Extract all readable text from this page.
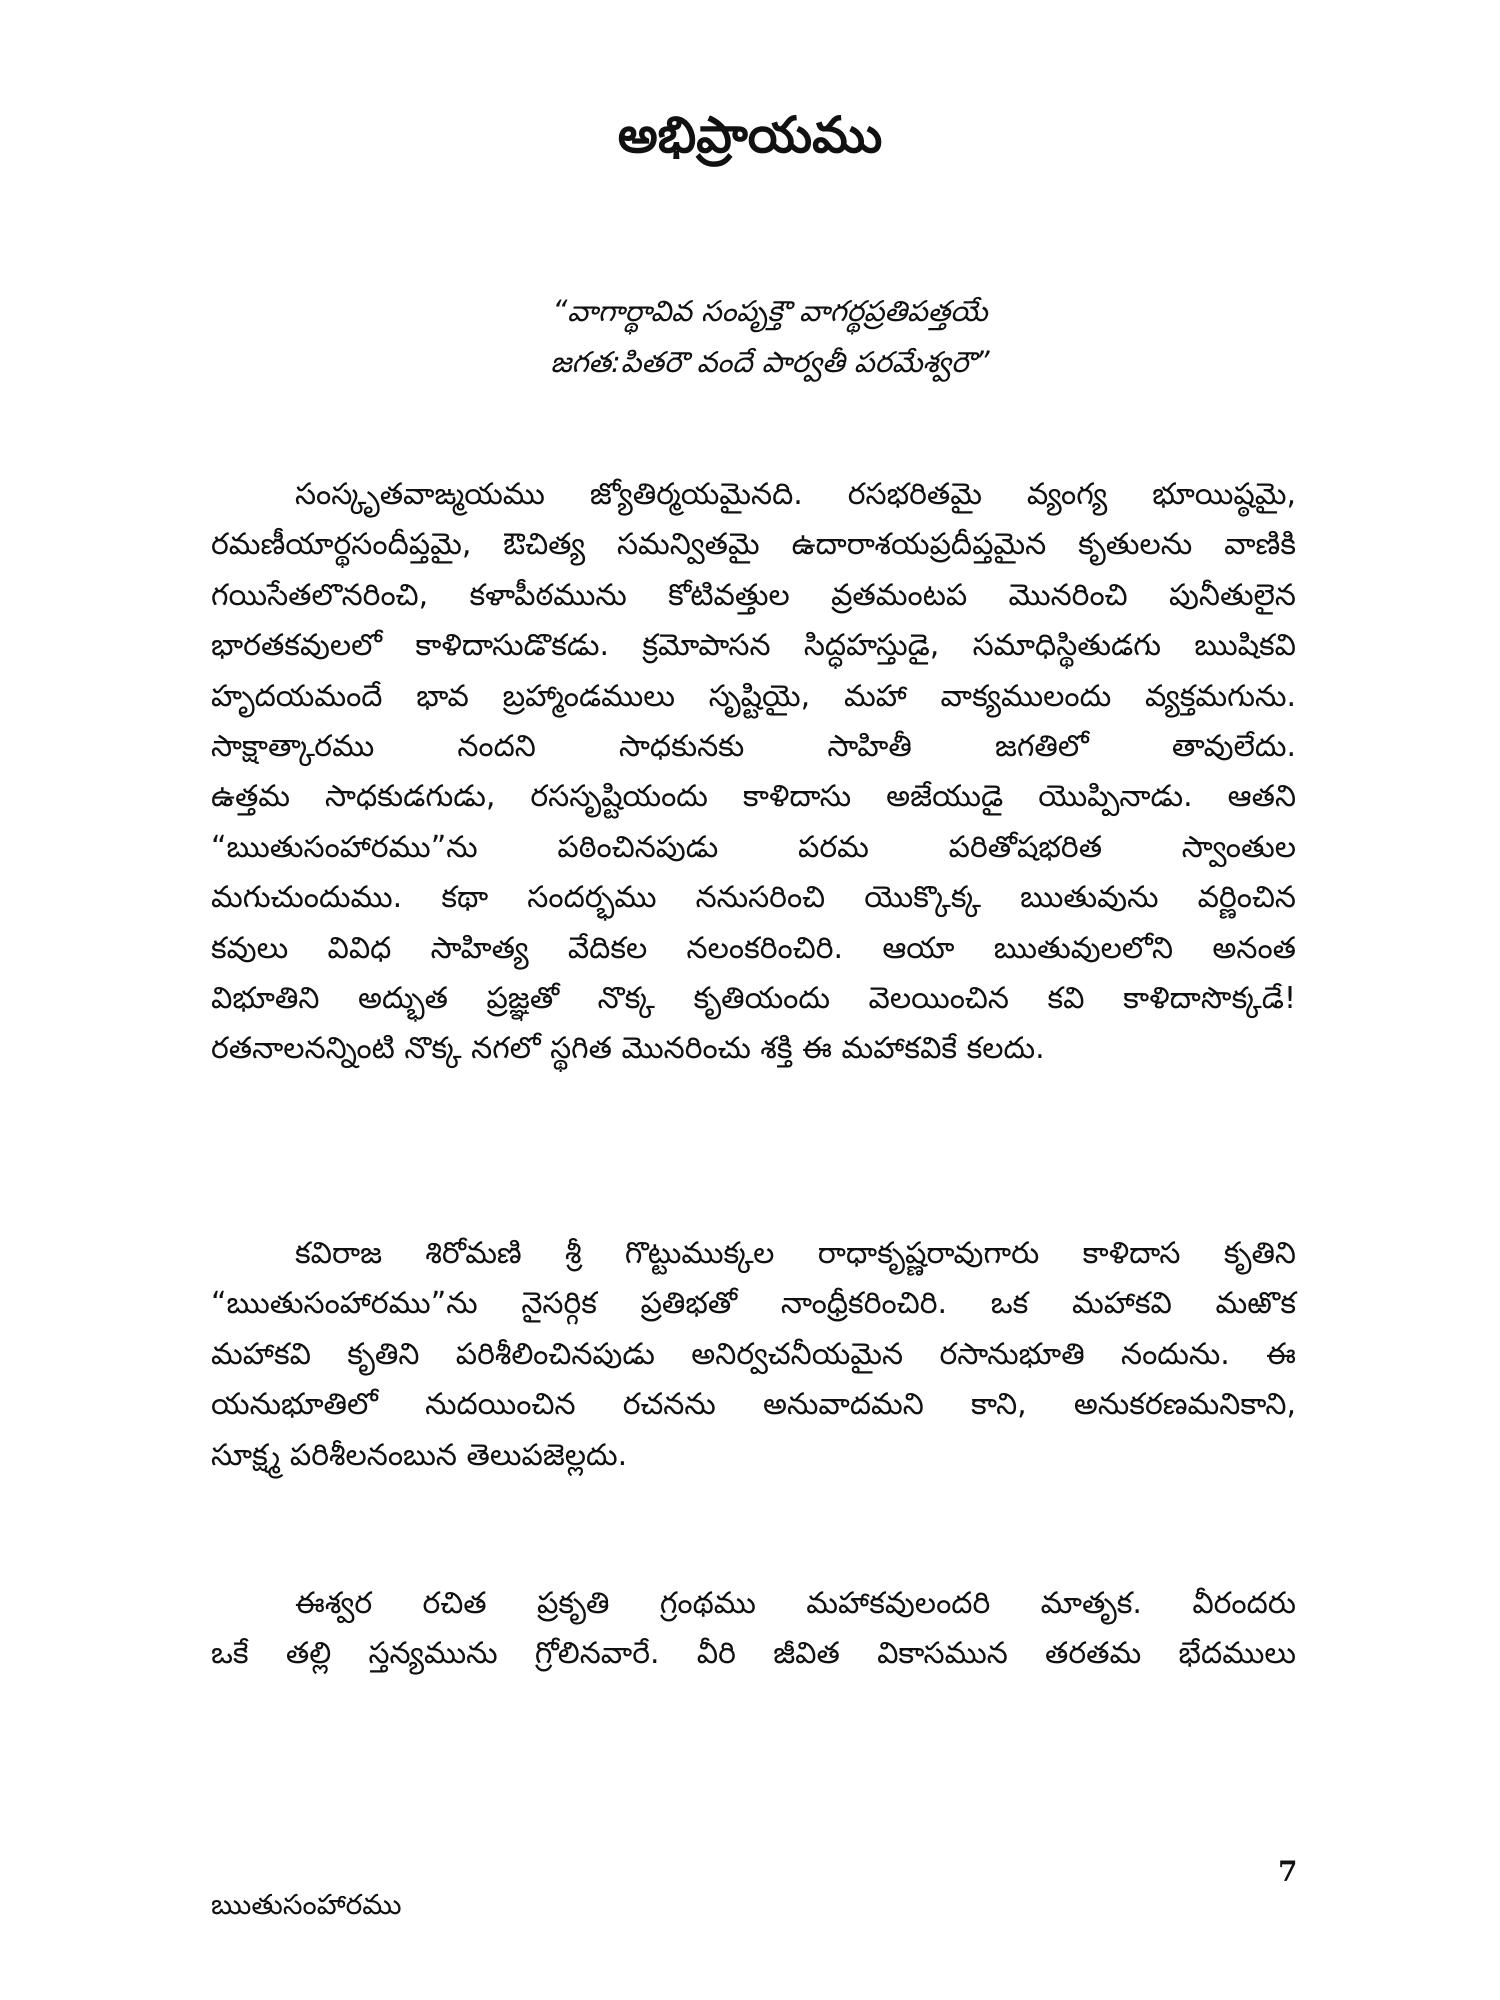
అభిప్రాయము
“వాగార్థావివ సంపృక్తౌ వాగర్థప్రతిపత్తయే
జగత:పితరౌ వందే పార్వతీ పరమేశ్వరౌ”
సంస్కృతవాఙ్మయము జ్యోతిర్మయమైనది. రసభరితమై వ్యంగ్య భూయిష్ఠమై,
రమణీయార్థసందీప్తమై, ఔచిత్య సమన్వితమై ఉదారాశయప్రదీప్తమైన కృతులను వాణికి
గయిసేతలొనరించి, కళాపీఠమును కోటివత్తుల వ్రతమంటప మొనరించి పునీతులైన
భారతకవులలో కాళిదాసుడొకడు. క్రమోపాసన సిద్ధహస్తుడై, సమాధిస్థితుడగు ఋషికవి
హృదయమందే భావ బ్రహ్మాండములు సృష్టియై, మహా వాక్యములందు వ్యక్తమగును.
సాక్షాత్కారము నందని సాధకునకు సాహితీ జగతిలో తావులేదు.
ఉత్తమ సాధకుడగుడు, రససృష్టియందు కాళిదాసు అజేయుడై యొప్పినాడు. ఆతని
“ఋతుసంహారము”ను పఠించినపుడు పరమ పరితోషభరిత స్వాంతుల
మగుచుందుము. కథా సందర్భము ననుసరించి యొక్కొక్క ఋతువును వర్ణించిన
కవులు వివిధ సాహిత్య వేదికల నలంకరించిరి. ఆయా ఋతువులలోని అనంత
విభూతిని అద్భుత ప్రజ్ఞతో నొక్క కృతియందు వెలయించిన కవి కాళిదాసొక్కడే!
రతనాలనన్నింటి నొక్క నగలో స్థగిత మొనరించు శక్తి ఈ మహాకవికే కలదు.
కవిరాజ శిరోమణి శ్రీ గొట్టుముక్కల రాధాకృష్ణరావుగారు కాళిదాస కృతిని
“ఋతుసంహారము”ను నైసర్గిక ప్రతిభతో నాంధ్రీకరించిరి. ఒక మహాకవి మఱొక
మహాకవి కృతిని పరిశీలించినపుడు అనిర్వచనీయమైన రసానుభూతి నందును. ఈ
యనుభూతిలో నుదయించిన రచనను అనువాదమని కాని, అనుకరణమనికాని,
సూక్ష్మ పరిశీలనంబున తెలుపజెల్లదు.
ఈశ్వర రచిత ప్రకృతి గ్రంథము మహాకవులందరి మాతృక. వీరందరు
ఒకే తల్లి స్తన్యమును గ్రోలినవారే. వీరి జీవిత వికాసమున తరతమ భేదములు
7
ఋతుసంహారము
